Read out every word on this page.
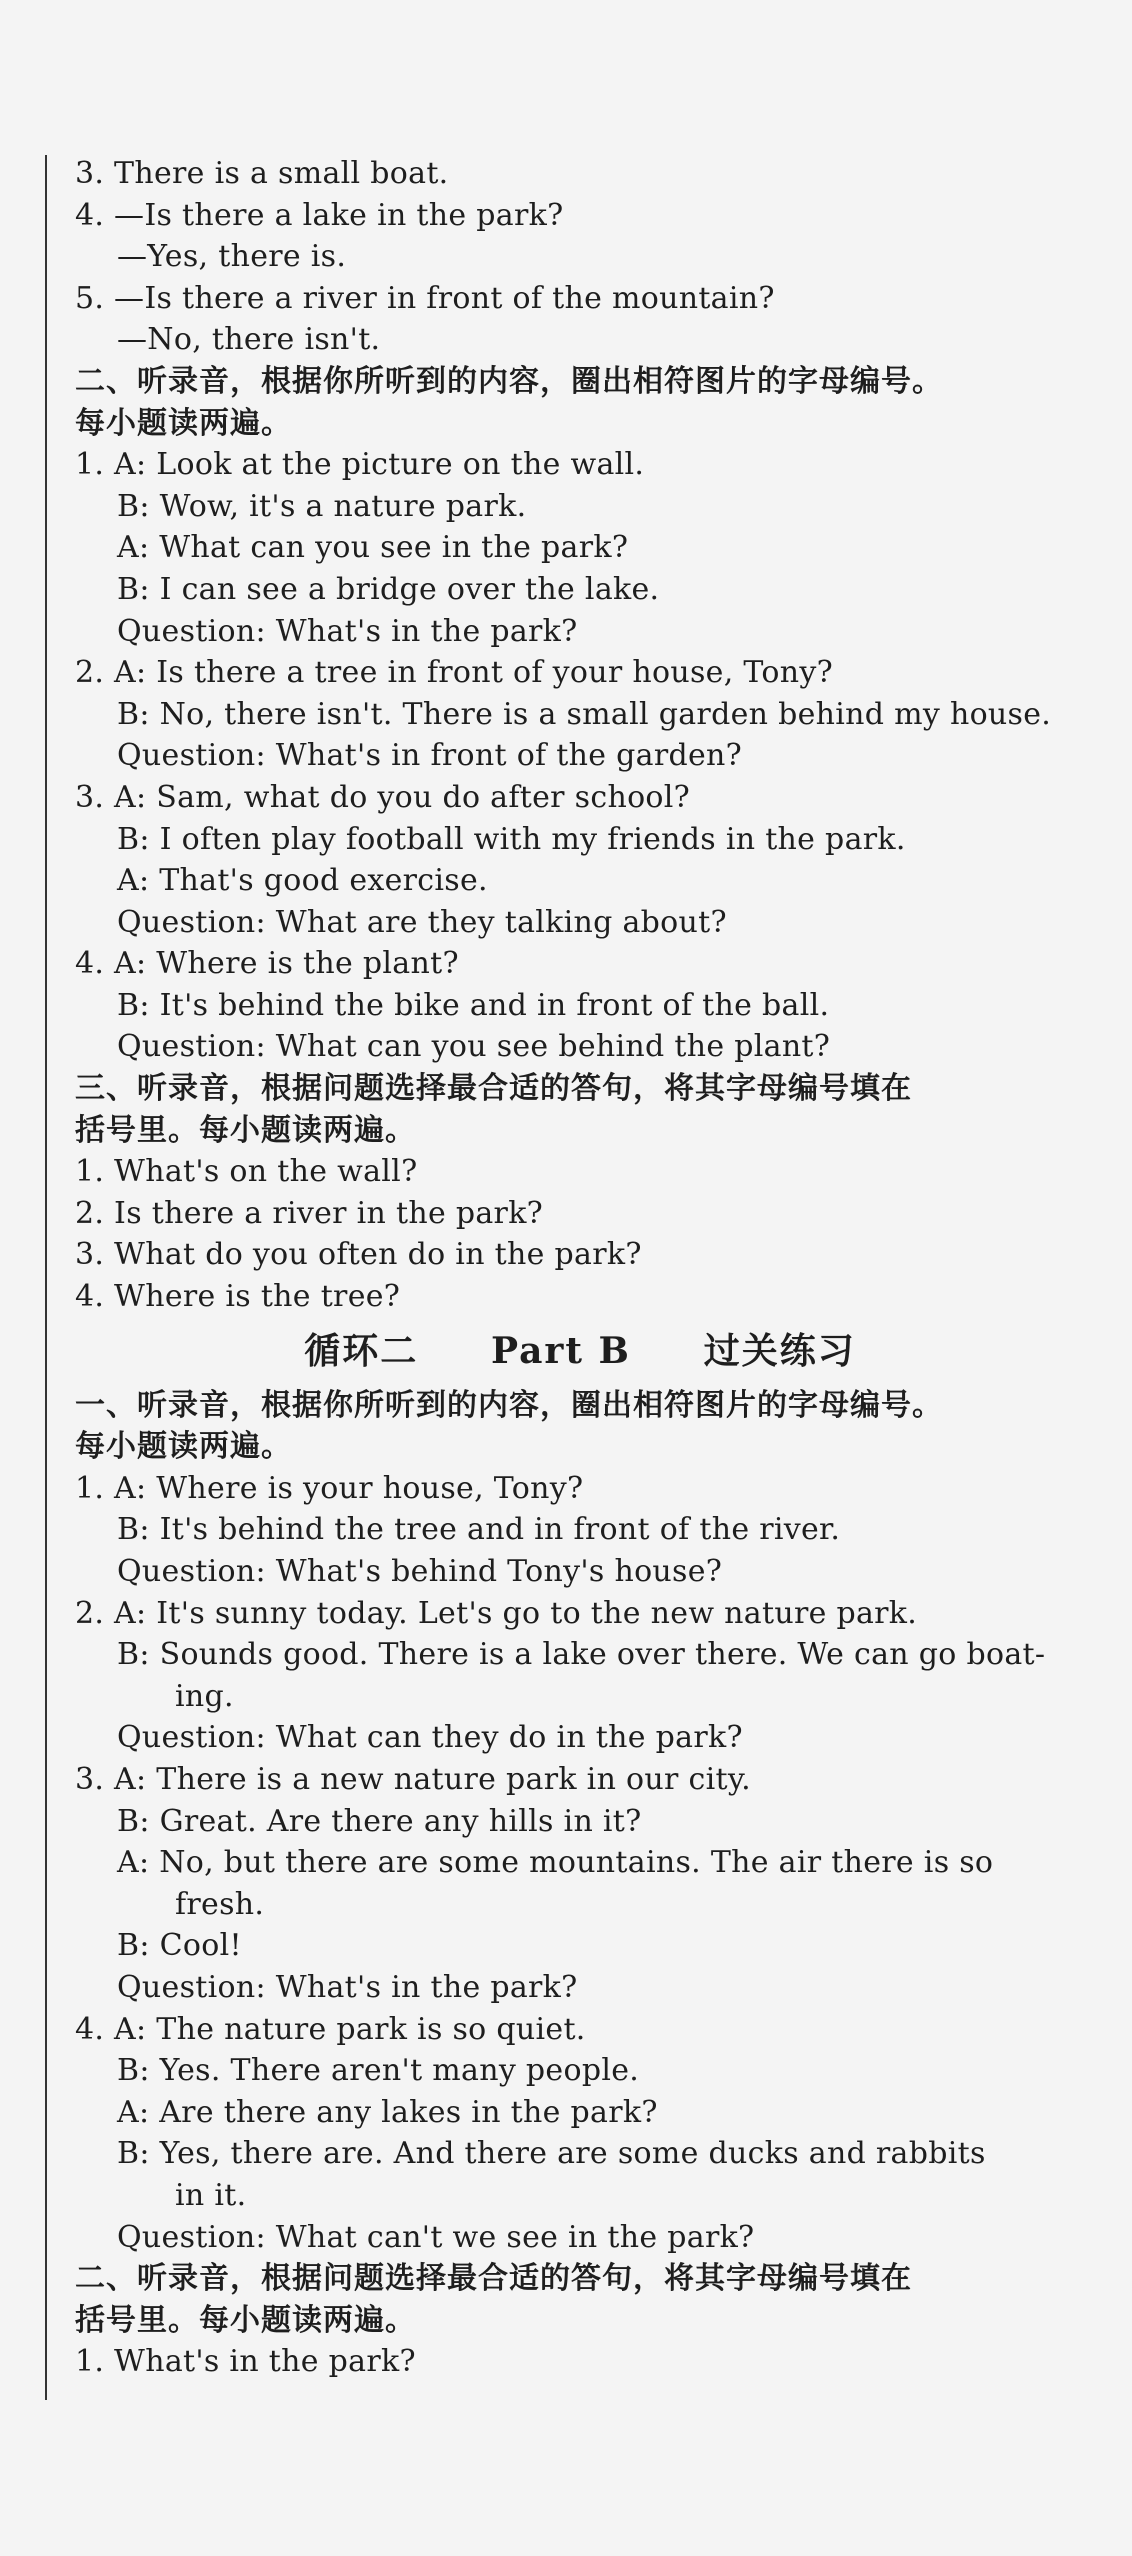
3. There is a small boat.
4. —Is there a lake in the park?
—Yes, there is.
5. —Is there a river in front of the mountain?
—No, there isn't.
二、听录音，根据你所听到的内容，圈出相符图片的字母编号。
每小题读两遍。
1. A: Look at the picture on the wall.
B: Wow, it's a nature park.
A: What can you see in the park?
B: I can see a bridge over the lake.
Question: What's in the park?
2. A: Is there a tree in front of your house, Tony?
B: No, there isn't. There is a small garden behind my house.
Question: What's in front of the garden?
3. A: Sam, what do you do after school?
B: I often play football with my friends in the park.
A: That's good exercise.
Question: What are they talking about?
4. A: Where is the plant?
B: It's behind the bike and in front of the ball.
Question: What can you see behind the plant?
三、听录音，根据问题选择最合适的答句，将其字母编号填在
括号里。每小题读两遍。
1. What's on the wall?
2. Is there a river in the park?
3. What do you often do in the park?
4. Where is the tree?
循环二 Part B 过关练习
一、听录音，根据你所听到的内容，圈出相符图片的字母编号。
每小题读两遍。
1. A: Where is your house, Tony?
B: It's behind the tree and in front of the river.
Question: What's behind Tony's house?
2. A: It's sunny today. Let's go to the new nature park.
B: Sounds good. There is a lake over there. We can go boat-
ing.
Question: What can they do in the park?
3. A: There is a new nature park in our city.
B: Great. Are there any hills in it?
A: No, but there are some mountains. The air there is so
fresh.
B: Cool!
Question: What's in the park?
4. A: The nature park is so quiet.
B: Yes. There aren't many people.
A: Are there any lakes in the park?
B: Yes, there are. And there are some ducks and rabbits
in it.
Question: What can't we see in the park?
二、听录音，根据问题选择最合适的答句，将其字母编号填在
括号里。每小题读两遍。
1. What's in the park?
